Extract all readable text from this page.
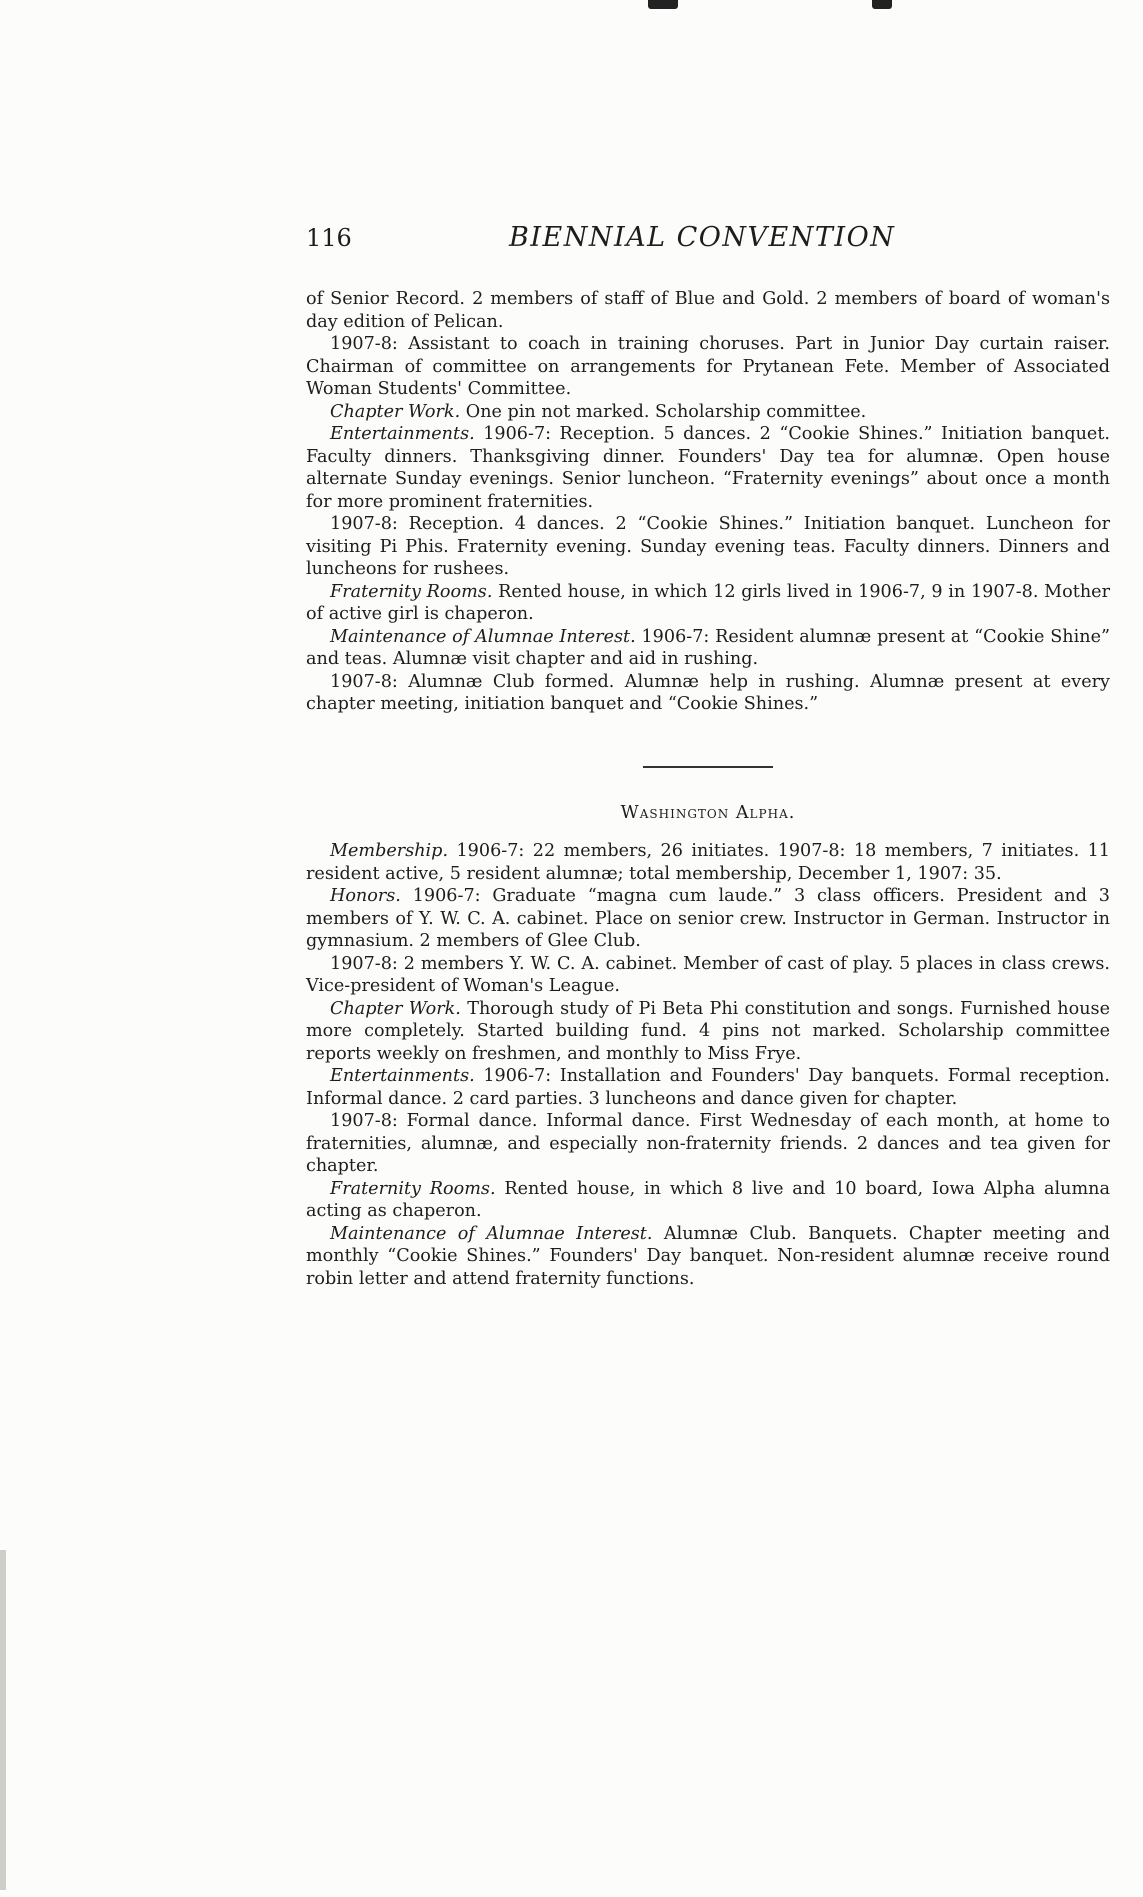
116	BIENNIAL CONVENTION

of Senior Record. 2 members of staff of Blue and Gold. 2 members of board of woman's day edition of Pelican.

1907-8: Assistant to coach in training choruses. Part in Junior Day curtain raiser. Chairman of committee on arrangements for Prytanean Fete. Member of Associated Woman Students' Committee.

Chapter Work. One pin not marked. Scholarship committee.

Entertainments. 1906-7: Reception. 5 dances. 2 “Cookie Shines.” Initiation banquet. Faculty dinners. Thanksgiving dinner. Founders' Day tea for alumnæ. Open house alternate Sunday evenings. Senior luncheon. “Fraternity evenings” about once a month for more prominent fraternities.

1907-8: Reception. 4 dances. 2 “Cookie Shines.” Initiation banquet. Luncheon for visiting Pi Phis. Fraternity evening. Sunday evening teas. Faculty dinners. Dinners and luncheons for rushees.

Fraternity Rooms. Rented house, in which 12 girls lived in 1906-7, 9 in 1907-8. Mother of active girl is chaperon.

Maintenance of Alumnae Interest. 1906-7: Resident alumnæ present at “Cookie Shine” and teas. Alumnæ visit chapter and aid in rushing.

1907-8: Alumnæ Club formed. Alumnæ help in rushing. Alumnæ present at every chapter meeting, initiation banquet and “Cookie Shines.”

Washington Alpha.

Membership. 1906-7: 22 members, 26 initiates. 1907-8: 18 members, 7 initiates. 11 resident active, 5 resident alumnæ; total membership, December 1, 1907: 35.

Honors. 1906-7: Graduate “magna cum laude.” 3 class officers. President and 3 members of Y. W. C. A. cabinet. Place on senior crew. Instructor in German. Instructor in gymnasium. 2 members of Glee Club.

1907-8: 2 members Y. W. C. A. cabinet. Member of cast of play. 5 places in class crews. Vice-president of Woman's League.

Chapter Work. Thorough study of Pi Beta Phi constitution and songs. Furnished house more completely. Started building fund. 4 pins not marked. Scholarship committee reports weekly on freshmen, and monthly to Miss Frye.

Entertainments. 1906-7: Installation and Founders' Day banquets. Formal reception. Informal dance. 2 card parties. 3 luncheons and dance given for chapter.

1907-8: Formal dance. Informal dance. First Wednesday of each month, at home to fraternities, alumnæ, and especially non-fraternity friends. 2 dances and tea given for chapter.

Fraternity Rooms. Rented house, in which 8 live and 10 board, Iowa Alpha alumna acting as chaperon.

Maintenance of Alumnae Interest. Alumnæ Club. Banquets. Chapter meeting and monthly “Cookie Shines.” Founders' Day banquet. Non-resident alumnæ receive round robin letter and attend fraternity functions.
